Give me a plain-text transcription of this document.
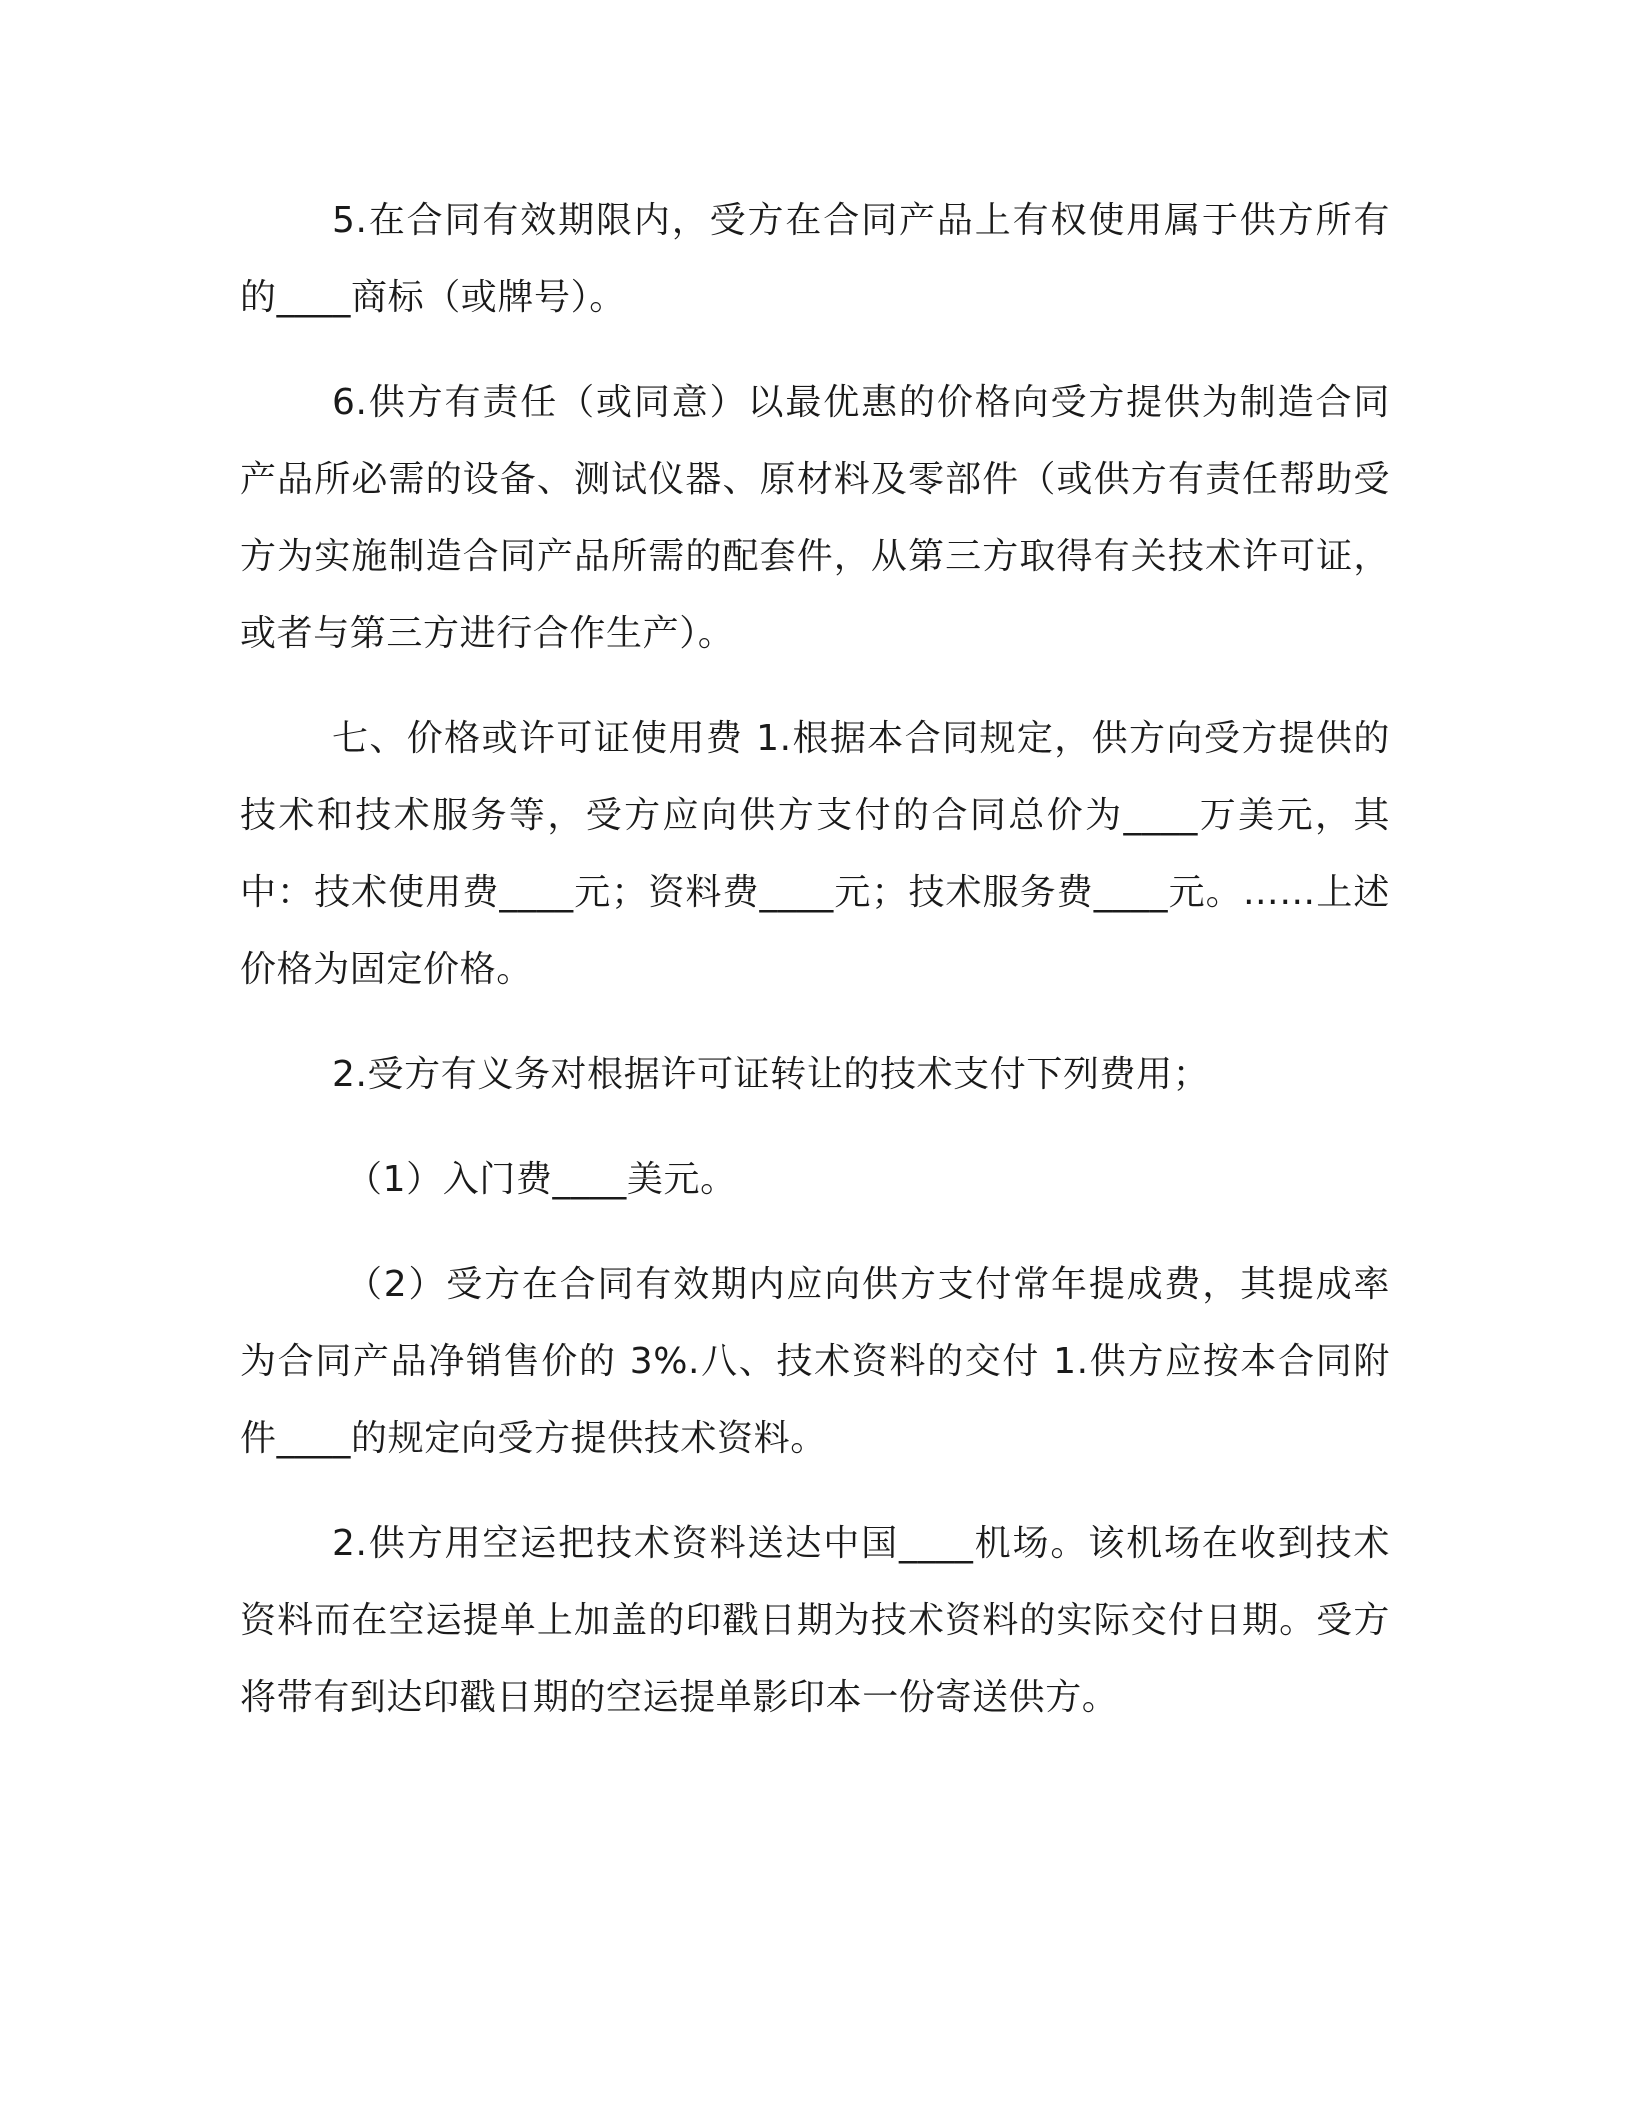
5.在合同有效期限内，受方在合同产品上有权使用属于供方所有的____商标（或牌号）。

6.供方有责任（或同意）以最优惠的价格向受方提供为制造合同产品所必需的设备、测试仪器、原材料及零部件（或供方有责任帮助受方为实施制造合同产品所需的配套件，从第三方取得有关技术许可证，或者与第三方进行合作生产）。

七、价格或许可证使用费 1.根据本合同规定，供方向受方提供的技术和技术服务等，受方应向供方支付的合同总价为____万美元，其中：技术使用费____元；资料费____元；技术服务费____元。……上述价格为固定价格。

2.受方有义务对根据许可证转让的技术支付下列费用；

（1）入门费____美元。

（2）受方在合同有效期内应向供方支付常年提成费，其提成率为合同产品净销售价的 3%.八、技术资料的交付 1.供方应按本合同附件____的规定向受方提供技术资料。

2.供方用空运把技术资料送达中国____机场。该机场在收到技术资料而在空运提单上加盖的印戳日期为技术资料的实际交付日期。受方将带有到达印戳日期的空运提单影印本一份寄送供方。
